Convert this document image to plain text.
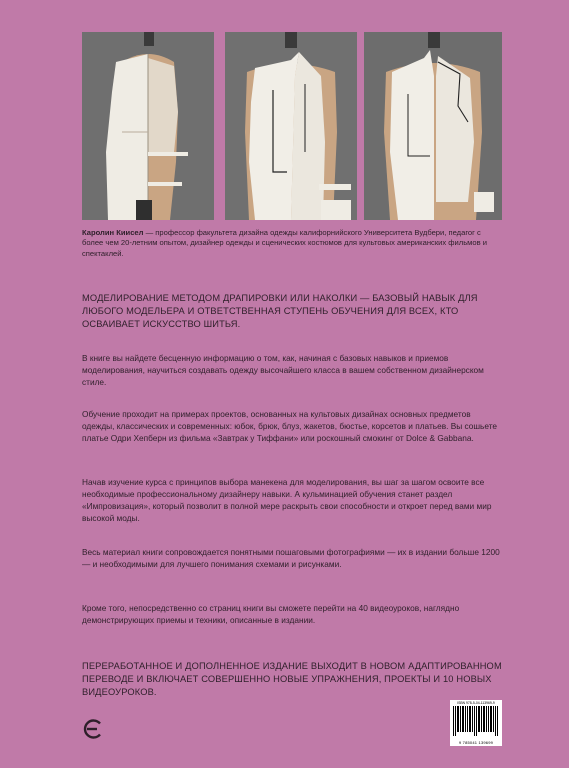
Каролин Киисел — профессор факультета дизайна одежды калифорнийского Университета Вудбери, педагог с более чем 20-летним опытом, дизайнер одежды и сценических костюмов для культовых американских фильмов и спектаклей.
МОДЕЛИРОВАНИЕ МЕТОДОМ ДРАПИРОВКИ ИЛИ НАКОЛКИ — БАЗОВЫЙ НАВЫК ДЛЯ ЛЮБОГО МОДЕЛЬЕРА И ОТВЕТСТВЕННАЯ СТУПЕНЬ ОБУЧЕНИЯ ДЛЯ ВСЕХ, КТО ОСВАИВАЕТ ИСКУССТВО ШИТЬЯ.
В книге вы найдете бесценную информацию о том, как, начиная с базовых навыков и приемов моделирования, научиться создавать одежду высочайшего класса в вашем собственном дизайнерском стиле.
Обучение проходит на примерах проектов, основанных на культовых дизайнах основных предметов одежды, классических и современных: юбок, брюк, блуз, жакетов, бюстье, корсетов и платьев. Вы сошьете платье Одри Хепберн из фильма «Завтрак у Тиффани» или роскошный смокинг от Dolce & Gabbana.
Начав изучение курса с принципов выбора манекена для моделирования, вы шаг за шагом освоите все необходимые профессиональному дизайнеру навыки. А кульминацией обучения станет раздел «Импровизация», который позволит в полной мере раскрыть свои способности и откроет перед вами мир высокой моды.
Весь материал книги сопровождается понятными пошаговыми фотографиями — их в издании больше 1200 — и необходимыми для лучшего понимания схемами и рисунками.
Кроме того, непосредственно со страниц книги вы сможете перейти на 40 видеоуроков, наглядно демонстрирующих приемы и техники, описанные в издании.
ПЕРЕРАБОТАННОЕ И ДОПОЛНЕННОЕ ИЗДАНИЕ ВЫХОДИТ В НОВОМ АДАПТИРОВАННОМ ПЕРЕВОДЕ И ВКЛЮЧАЕТ СОВЕРШЕННО НОВЫЕ УПРАЖНЕНИЯ, ПРОЕКТЫ И 10 НОВЫХ ВИДЕОУРОКОВ.
ISBN 978-5-04-113969-9
9 785041 139699
